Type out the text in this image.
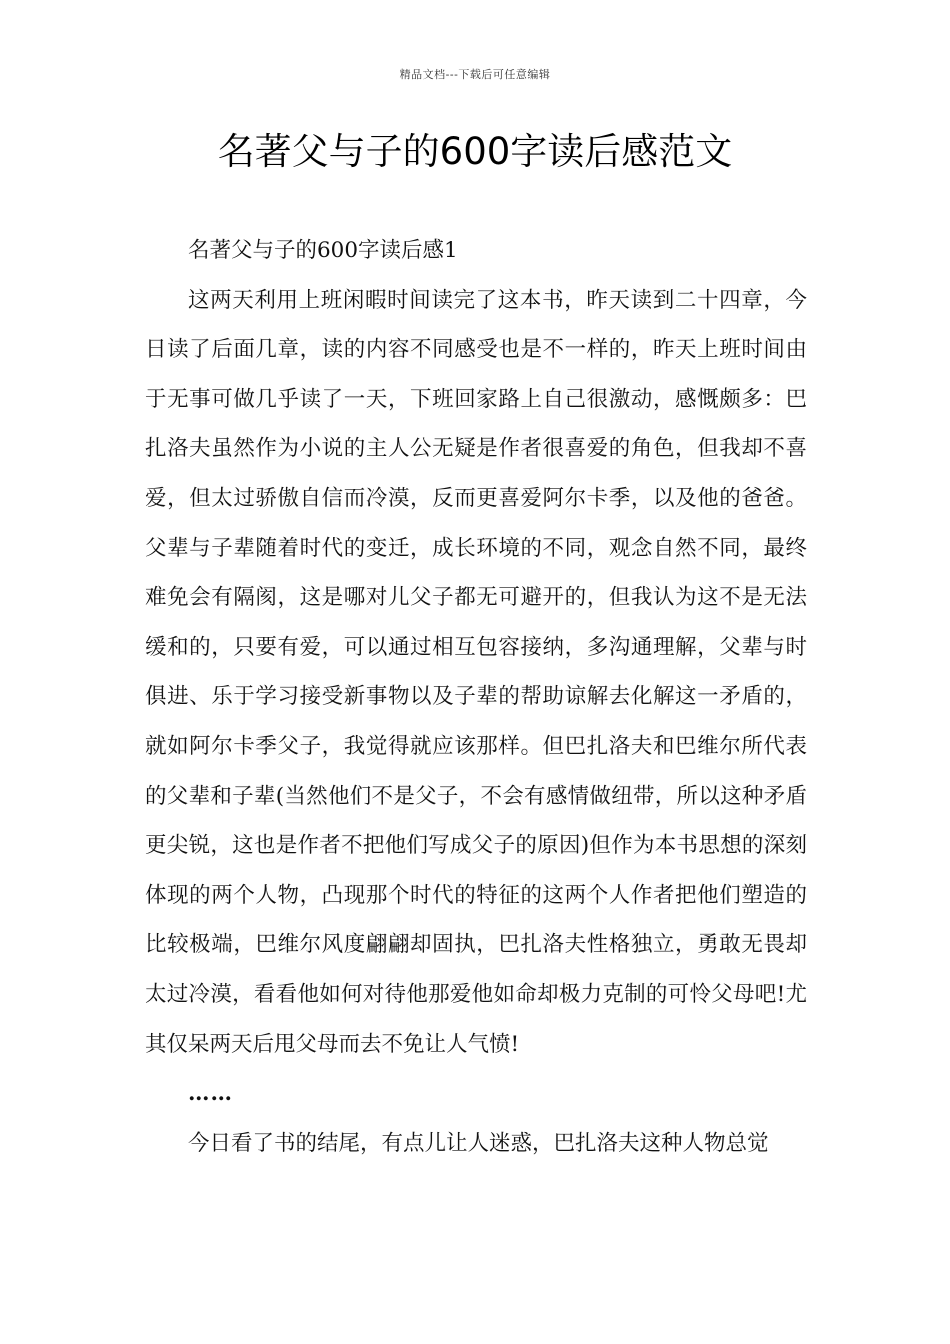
精品文档---下载后可任意编辑
名著父与子的600字读后感范文

名著父与子的600字读后感1

这两天利用上班闲暇时间读完了这本书，昨天读到二十四章，今日读了后面几章，读的内容不同感受也是不一样的，昨天上班时间由于无事可做几乎读了一天，下班回家路上自己很激动，感慨颇多：巴扎洛夫虽然作为小说的主人公无疑是作者很喜爱的角色，但我却不喜爱，但太过骄傲自信而冷漠，反而更喜爱阿尔卡季，以及他的爸爸。父辈与子辈随着时代的变迁，成长环境的不同，观念自然不同，最终难免会有隔阂，这是哪对儿父子都无可避开的，但我认为这不是无法缓和的，只要有爱，可以通过相互包容接纳，多沟通理解，父辈与时俱进、乐于学习接受新事物以及子辈的帮助谅解去化解这一矛盾的，就如阿尔卡季父子，我觉得就应该那样。但巴扎洛夫和巴维尔所代表的父辈和子辈(当然他们不是父子，不会有感情做纽带，所以这种矛盾更尖锐，这也是作者不把他们写成父子的原因)但作为本书思想的深刻体现的两个人物，凸现那个时代的特征的这两个人作者把他们塑造的比较极端，巴维尔风度翩翩却固执，巴扎洛夫性格独立，勇敢无畏却太过冷漠，看看他如何对待他那爱他如命却极力克制的可怜父母吧!尤其仅呆两天后甩父母而去不免让人气愤!

……

今日看了书的结尾，有点儿让人迷惑，巴扎洛夫这种人物总觉
